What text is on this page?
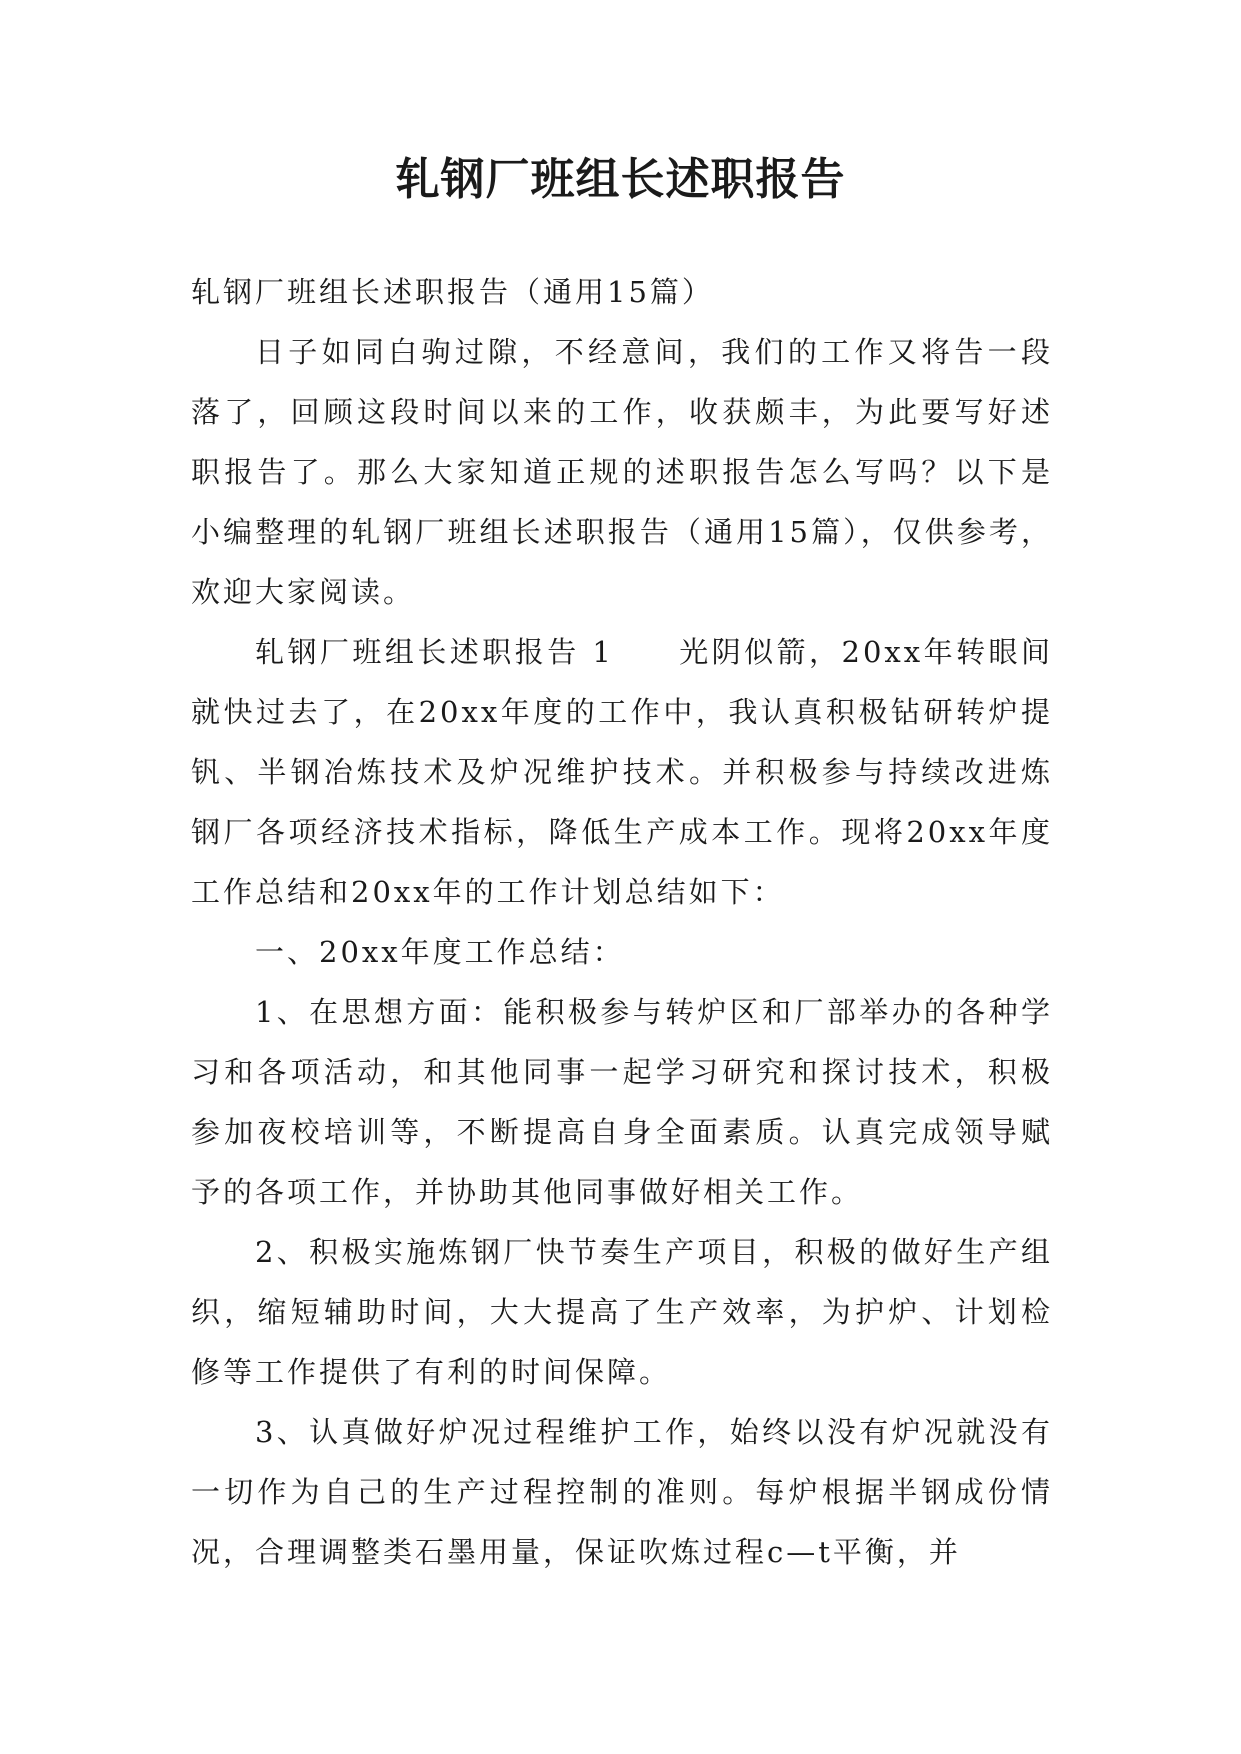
轧钢厂班组长述职报告

轧钢厂班组长述职报告（通用15篇）

日子如同白驹过隙，不经意间，我们的工作又将告一段落了，回顾这段时间以来的工作，收获颇丰，为此要写好述职报告了。那么大家知道正规的述职报告怎么写吗？以下是小编整理的轧钢厂班组长述职报告（通用15篇），仅供参考，欢迎大家阅读。

轧钢厂班组长述职报告 1　　光阴似箭，20xx年转眼间就快过去了，在20xx年度的工作中，我认真积极钻研转炉提钒、半钢冶炼技术及炉况维护技术。并积极参与持续改进炼钢厂各项经济技术指标，降低生产成本工作。现将20xx年度工作总结和20xx年的工作计划总结如下：

一、20xx年度工作总结：

1、在思想方面：能积极参与转炉区和厂部举办的各种学习和各项活动，和其他同事一起学习研究和探讨技术，积极参加夜校培训等，不断提高自身全面素质。认真完成领导赋予的各项工作，并协助其他同事做好相关工作。

2、积极实施炼钢厂快节奏生产项目，积极的做好生产组织，缩短辅助时间，大大提高了生产效率，为护炉、计划检修等工作提供了有利的时间保障。

3、认真做好炉况过程维护工作，始终以没有炉况就没有一切作为自己的生产过程控制的准则。每炉根据半钢成份情况，合理调整类石墨用量，保证吹炼过程c—t平衡，并
